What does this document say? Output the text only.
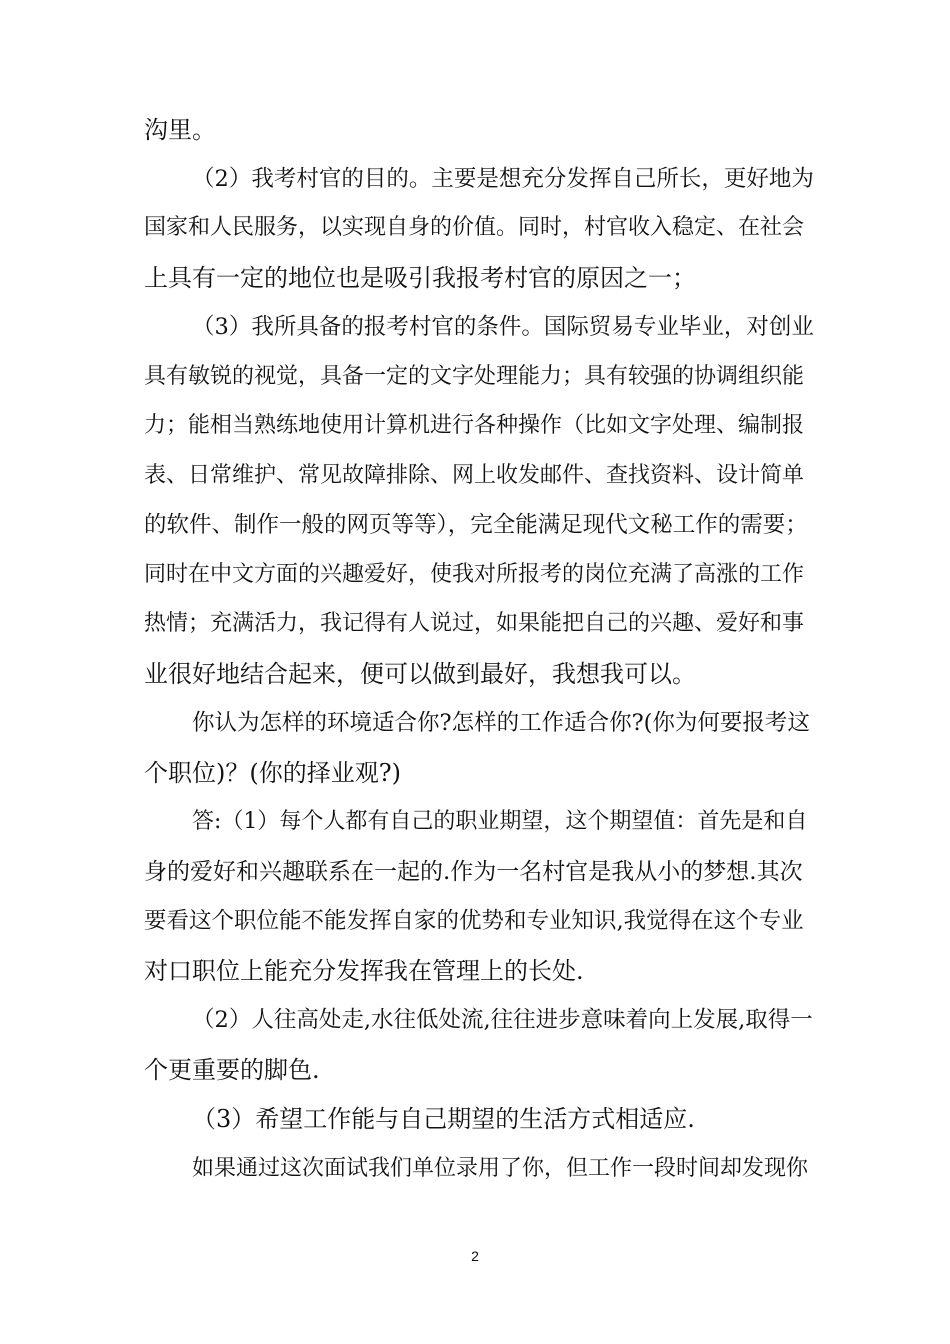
沟里。
（2）我考村官的目的。主要是想充分发挥自己所长，更好地为
国家和人民服务，以实现自身的价值。同时，村官收入稳定、在社会
上具有一定的地位也是吸引我报考村官的原因之一；
（3）我所具备的报考村官的条件。国际贸易专业毕业，对创业
具有敏锐的视觉，具备一定的文字处理能力；具有较强的协调组织能
力；能相当熟练地使用计算机进行各种操作（比如文字处理、编制报
表、日常维护、常见故障排除、网上收发邮件、查找资料、设计简单
的软件、制作一般的网页等等），完全能满足现代文秘工作的需要；
同时在中文方面的兴趣爱好，使我对所报考的岗位充满了高涨的工作
热情；充满活力，我记得有人说过，如果能把自己的兴趣、爱好和事
业很好地结合起来，便可以做到最好，我想我可以。
你认为怎样的环境适合你?怎样的工作适合你?(你为何要报考这
个职位)？(你的择业观?)
答:（1）每个人都有自己的职业期望，这个期望值：首先是和自
身的爱好和兴趣联系在一起的.作为一名村官是我从小的梦想.其次
要看这个职位能不能发挥自家的优势和专业知识,我觉得在这个专业
对口职位上能充分发挥我在管理上的长处.
（2）人往高处走,水往低处流,往往进步意味着向上发展,取得一
个更重要的脚色.
（3）希望工作能与自己期望的生活方式相适应.
如果通过这次面试我们单位录用了你，但工作一段时间却发现你
2
